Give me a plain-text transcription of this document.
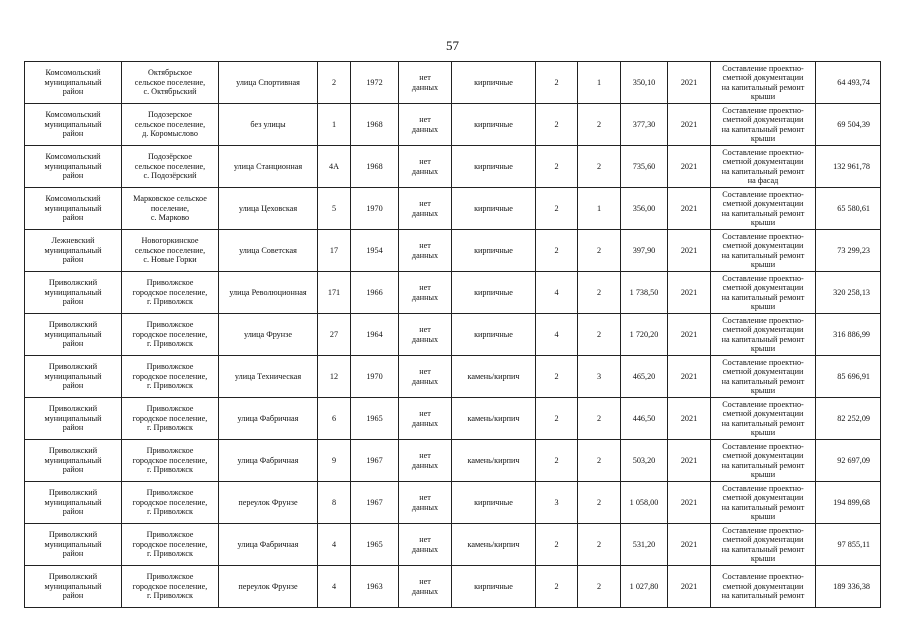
57
Комсомольский
муниципальный
район	Октябрьское
сельское поселение,
с. Октябрьский	улица Спортивная	2	1972	нет
данных	кирпичные	2	1	350,10	2021	Составление проектно-
сметной документации
на капитальный ремонт
крыши	64 493,74

Комсомольский
муниципальный
район	Подозерское
сельское поселение,
д. Коромыслово	без улицы	1	1968	нет
данных	кирпичные	2	2	377,30	2021	Составление проектно-
сметной документации
на капитальный ремонт
крыши	69 504,39

Комсомольский
муниципальный
район	Подозёрское
сельское поселение,
с. Подозёрский	улица Станционная	4А	1968	нет
данных	кирпичные	2	2	735,60	2021	Составление проектно-
сметной документации
на капитальный ремонт
на фасад	132 961,78

Комсомольский
муниципальный
район	Марковское сельское
поселение,
с. Марково	улица Цеховская	5	1970	нет
данных	кирпичные	2	1	356,00	2021	Составление проектно-
сметной документации
на капитальный ремонт
крыши	65 580,61

Лежневский
муниципальный
район	Новогоркинское
сельское поселение,
с. Новые Горки	улица Советская	17	1954	нет
данных	кирпичные	2	2	397,90	2021	Составление проектно-
сметной документации
на капитальный ремонт
крыши	73 299,23

Приволжский
муниципальный
район	Приволжское
городское поселение,
г. Приволжск	улица Революционная	171	1966	нет
данных	кирпичные	4	2	1 738,50	2021	Составление проектно-
сметной документации
на капитальный ремонт
крыши	320 258,13

Приволжский
муниципальный
район	Приволжское
городское поселение,
г. Приволжск	улица Фрунзе	27	1964	нет
данных	кирпичные	4	2	1 720,20	2021	Составление проектно-
сметной документации
на капитальный ремонт
крыши	316 886,99

Приволжский
муниципальный
район	Приволжское
городское поселение,
г. Приволжск	улица Техническая	12	1970	нет
данных	камень/кирпич	2	3	465,20	2021	Составление проектно-
сметной документации
на капитальный ремонт
крыши	85 696,91

Приволжский
муниципальный
район	Приволжское
городское поселение,
г. Приволжск	улица Фабричная	6	1965	нет
данных	камень/кирпич	2	2	446,50	2021	Составление проектно-
сметной документации
на капитальный ремонт
крыши	82 252,09

Приволжский
муниципальный
район	Приволжское
городское поселение,
г. Приволжск	улица Фабричная	9	1967	нет
данных	камень/кирпич	2	2	503,20	2021	Составление проектно-
сметной документации
на капитальный ремонт
крыши	92 697,09

Приволжский
муниципальный
район	Приволжское
городское поселение,
г. Приволжск	переулок Фрунзе	8	1967	нет
данных	кирпичные	3	2	1 058,00	2021	Составление проектно-
сметной документации
на капитальный ремонт
крыши	194 899,68

Приволжский
муниципальный
район	Приволжское
городское поселение,
г. Приволжск	улица Фабричная	4	1965	нет
данных	камень/кирпич	2	2	531,20	2021	Составление проектно-
сметной документации
на капитальный ремонт
крыши	97 855,11

Приволжский
муниципальный
район	Приволжское
городское поселение,
г. Приволжск	переулок Фрунзе	4	1963	нет
данных	кирпичные	2	2	1 027,80	2021	Составление проектно-
сметной документации
на капитальный ремонт	189 336,38
